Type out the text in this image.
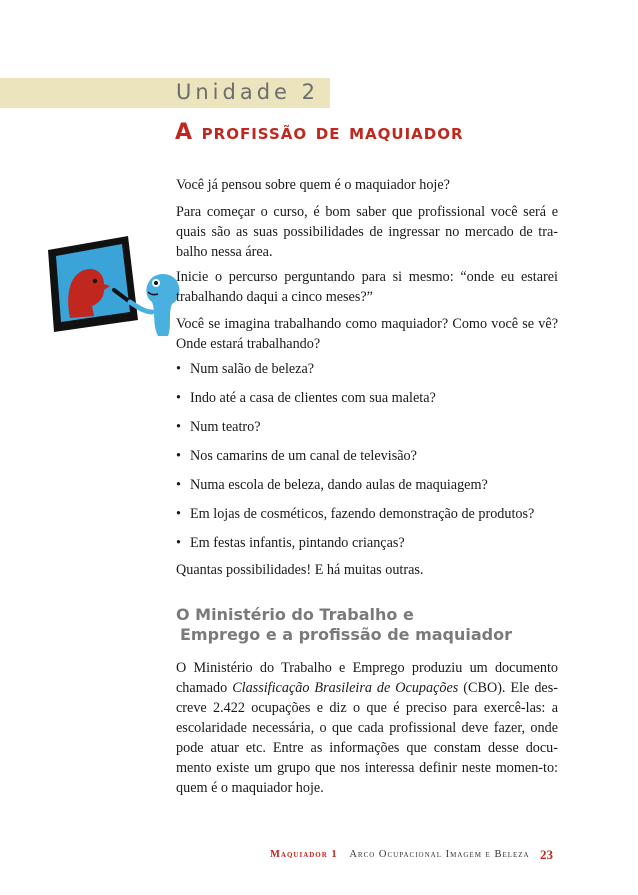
Unidade 2
A profissão de maquiador

Você já pensou sobre quem é o maquiador hoje?

Para começar o curso, é bom saber que profissional você será e quais são as suas possibilidades de ingressar no mercado de tra-balho nessa área.

Inicie o percurso perguntando para si mesmo: “onde eu estarei trabalhando daqui a cinco meses?”

Você se imagina trabalhando como maquiador? Como você se vê? Onde estará trabalhando?

• Num salão de beleza?
• Indo até a casa de clientes com sua maleta?
• Num teatro?
• Nos camarins de um canal de televisão?
• Numa escola de beleza, dando aulas de maquiagem?
• Em lojas de cosméticos, fazendo demonstração de produtos?
• Em festas infantis, pintando crianças?

Quantas possibilidades! E há muitas outras.

O Ministério do Trabalho e
Emprego e a profissão de maquiador

O Ministério do Trabalho e Emprego produziu um documento chamado Classificação Brasileira de Ocupações (CBO). Ele des-creve 2.422 ocupações e diz o que é preciso para exercê-las: a escolaridade necessária, o que cada profissional deve fazer, onde pode atuar etc. Entre as informações que constam desse docu-mento existe um grupo que nos interessa definir neste momen-to: quem é o maquiador hoje.

Maquiador 1 Arco Ocupacional Imagem e Beleza 23
